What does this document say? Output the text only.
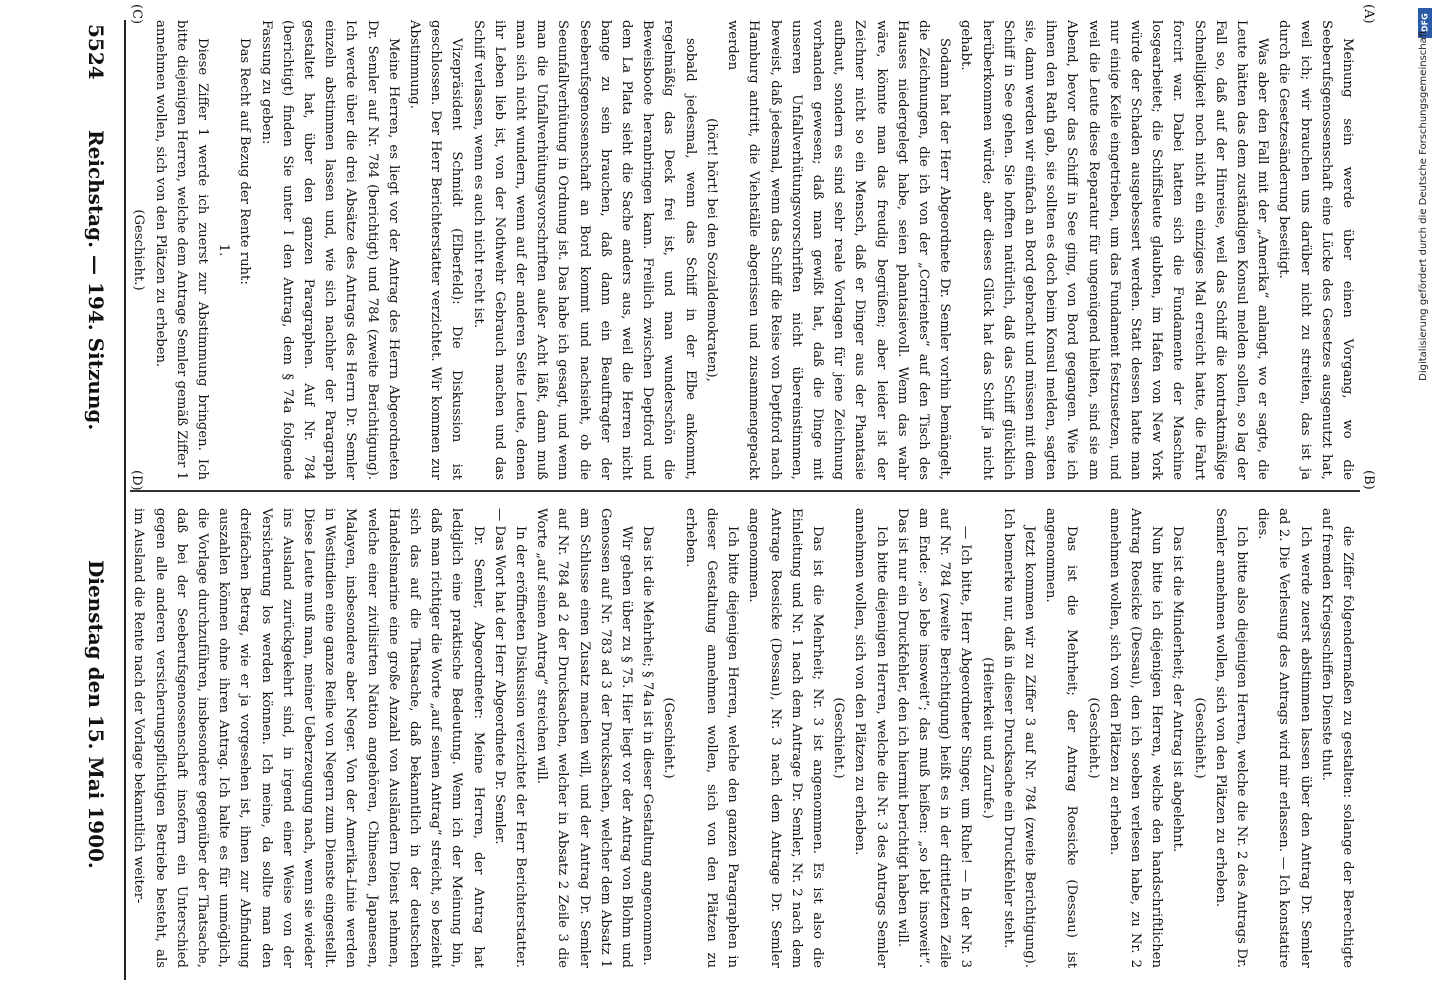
Meinung sein werde über einen Vorgang, wo die Seeberufsgenossenschaft eine Lücke des Gesetzes ausgenutzt hat, weil ich; wir brauchen uns darüber nicht zu streiten, das ist ja durch die Gesetzesänderung beseitigt.

Was aber den Fall mit der „Amerika“ anlangt, wo er sagte, die Leute hätten das dem zuständigen Konsul melden sollen, so lag der Fall so, daß auf der Hinreise, weil das Schiff die kontraktmäßige Schnelligkeit noch nicht ein einziges Mal erreicht hatte, die Fahrt forcirt war. Dabei hatten sich die Fundamente der Maschine losgearbeitet; die Schiffsleute glaubten, im Hafen von New York würde der Schaden ausgebessert werden. Statt dessen hatte man nur einige Keile eingetrieben, um das Fundament festzusetzen, und weil die Leute diese Reparatur für ungenügend hielten, sind sie am Abend, bevor das Schiff in See ging, von Bord gegangen. Wie ich ihnen den Rath gab, sie sollten es doch beim Konsul melden, sagten sie, dann werden wir einfach an Bord gebracht und müssen mit dem Schiff in See gehen. Sie hofften natürlich, daß das Schiff glücklich herüberkommen würde; aber dieses Glück hat das Schiff ja nicht gehabt.

Sodann hat der Herr Abgeordnete Dr. Semler vorhin bemängelt, die Zeichnungen, die ich von der „Corrientes“ auf den Tisch des Hauses niedergelegt habe, seien phantasievoll. Wenn das wahr wäre, könnte man das freudig begrüßen; aber leider ist der Zeichner nicht so ein Mensch, daß er Dinger aus der Phantasie aufbaut, sondern es sind sehr reale Vorlagen für jene Zeichnung vorhanden gewesen; daß man gewißt hat, daß die Dinge mit unseren Unfallverhütungsvorschriften nicht übereinstimmen, beweist, daß jedesmal, wenn das Schiff die Reise von Deptford nach Hamburg antritt, die Viehställe abgerissen und zusammengepackt werden

(hört! hört! bei den Sozialdemokraten),

sobald jedesmal, wenn das Schiff in der Elbe ankommt, regelmäßig das Deck frei ist, und man wunderschön die Beweisboote heranbringen kann. Freilich zwischen Deptford und dem La Plata sieht die Sache anders aus, weil die Herren nicht bange zu sein brauchen, daß dann ein Beauftragter der Seeberufsgenossenschaft an Bord kommt und nachsieht, ob die Seeunfallverhütung in Ordnung ist. Das habe ich gesagt, und wenn man die Unfallverhütungsvorschriften außer Acht läßt, dann muß man sich nicht wundern, wenn auf der anderen Seite Leute, denen ihr Leben lieb ist, von der Nothwehr Gebrauch machen und das Schiff verlassen, wenn es auch nicht recht ist.

Vizepräsident Schmidt (Elberfeld): Die Diskussion ist geschlossen. Der Herr Berichterstatter verzichtet. Wir kommen zur Abstimmung.

Meine Herren, es liegt vor der Antrag des Herrn Abgeordneten Dr. Semler auf Nr. 784 (berichtigt) und 784 (zweite Berichtigung). Ich werde über die drei Absätze des Antrags des Herrn Dr. Semler einzeln abstimmen lassen und, wie sich nachher der Paragraph gestaltet hat, über den ganzen Paragraphen. Auf Nr. 784 (berichtigt) finden Sie unter I den Antrag, dem § 74a folgende Fassung zu geben:

Das Recht auf Bezug der Rente ruht:

1.

Diese Ziffer 1 werde ich zuerst zur Abstimmung bringen. Ich bitte diejenigen Herren, welche dem Antrage Semler gemäß Ziffer 1 annehmen wollen, sich von den Plätzen zu erheben.

(Geschieht.)

die Ziffer folgendermaßen zu gestalten: solange der Berechtigte auf fremden Kriegsschiffen Dienste thut.

Ich werde zuerst abstimmen lassen über den Antrag Dr. Semler ad 2. Die Verlesung des Antrags wird mir erlassen. — Ich konstatire dies.

Ich bitte also diejenigen Herren, welche die Nr. 2 des Antrags Dr. Semler annehmen wollen, sich von den Plätzen zu erheben.

(Geschieht.)

Das ist die Minderheit; der Antrag ist abgelehnt.

Nun bitte ich diejenigen Herren, welche den handschriftlichen Antrag Roesicke (Dessau), den ich soeben verlesen habe, zu Nr. 2 annehmen wollen, sich von den Plätzen zu erheben.

(Geschieht.)

Das ist die Mehrheit; der Antrag Roesicke (Dessau) ist angenommen.

Jetzt kommen wir zu Ziffer 3 auf Nr. 784 (zweite Berichtigung). Ich bemerke nur, daß in dieser Drucksache ein Druckfehler steht.

(Heiterkeit und Zurufe.)

— Ich bitte, Herr Abgeordneter Singer, um Ruhe! — In der Nr. 3 auf Nr. 784 (zweite Berichtigung) heißt es in der drittletzten Zeile am Ende: „so lebe insoweit“; das muß heißen: „so lebt insoweit“. Das ist nur ein Druckfehler, den ich hiermit berichtigt haben will.

Ich bitte diejenigen Herren, welche die Nr. 3 des Antrags Semler annehmen wollen, sich von den Plätzen zu erheben.

(Geschieht.)

Das ist die Mehrheit; Nr. 3 ist angenommen. Es ist also die Einleitung und Nr. 1 nach dem Antrage Dr. Semler, Nr. 2 nach dem Antrage Roesicke (Dessau), Nr. 3 nach dem Antrage Dr. Semler angenommen.

Ich bitte diejenigen Herren, welche den ganzen Paragraphen in dieser Gestaltung annehmen wollen, sich von den Plätzen zu erheben.

(Geschieht.)

Das ist die Mehrheit; § 74a ist in dieser Gestaltung angenommen.

Wir gehen über zu § 75. Hier liegt vor der Antrag von Blohm und Genossen auf Nr. 783 ad 3 der Drucksachen, welcher dem Absatz 1 am Schlusse einen Zusatz machen will, und der Antrag Dr. Semler auf Nr. 784 ad 2 der Drucksachen, welcher in Absatz 2 Zeile 3 die Worte „auf seinen Antrag“ streichen will.

In der eröffneten Diskussion verzichtet der Herr Berichterstatter. — Das Wort hat der Herr Abgeordnete Dr. Semler.

Dr. Semler, Abgeordneter: Meine Herren, der Antrag hat lediglich eine praktische Bedeutung. Wenn ich der Meinung bin, daß man richtiger die Worte „auf seinen Antrag“ streicht, so bezieht sich das auf die Thatsache, daß bekanntlich in der deutschen Handelsmarine eine große Anzahl von Ausländern Dienst nehmen, welche einer zivilisirten Nation angehören, Chinesen, Japanesen, Malayen, insbesondere aber Neger. Von der Amerika-Linie werden in Westindien eine ganze Reihe von Negern zum Dienste eingestellt. Diese Leute muß man, meiner Ueberzeugung nach, wenn sie wieder ins Ausland zurückgekehrt sind, in irgend einer Weise von der Versicherung los werden können. Ich meine, da sollte man den dreifachen Betrag, wie er ja vorgesehen ist, ihnen zur Abfindung auszahlen können ohne ihren Antrag. Ich halte es für unmöglich, die Vorlage durchzuführen, insbesondere gegenüber der Thatsache, daß bei der Seeberufsgenossenschaft insofern ein Unterschied gegen alle anderen versicherungspflichtigen Betriebe besteht, als im Ausland die Rente nach der Vorlage bekanntlich weiter-

5524
Reichstag. — 194. Sitzung.
Dienstag den 15. Mai 1900.
(A)
(B)
(C)
(D)
DFG
Digitalisierung gefördert durch die Deutsche Forschungsgemeinschaft
